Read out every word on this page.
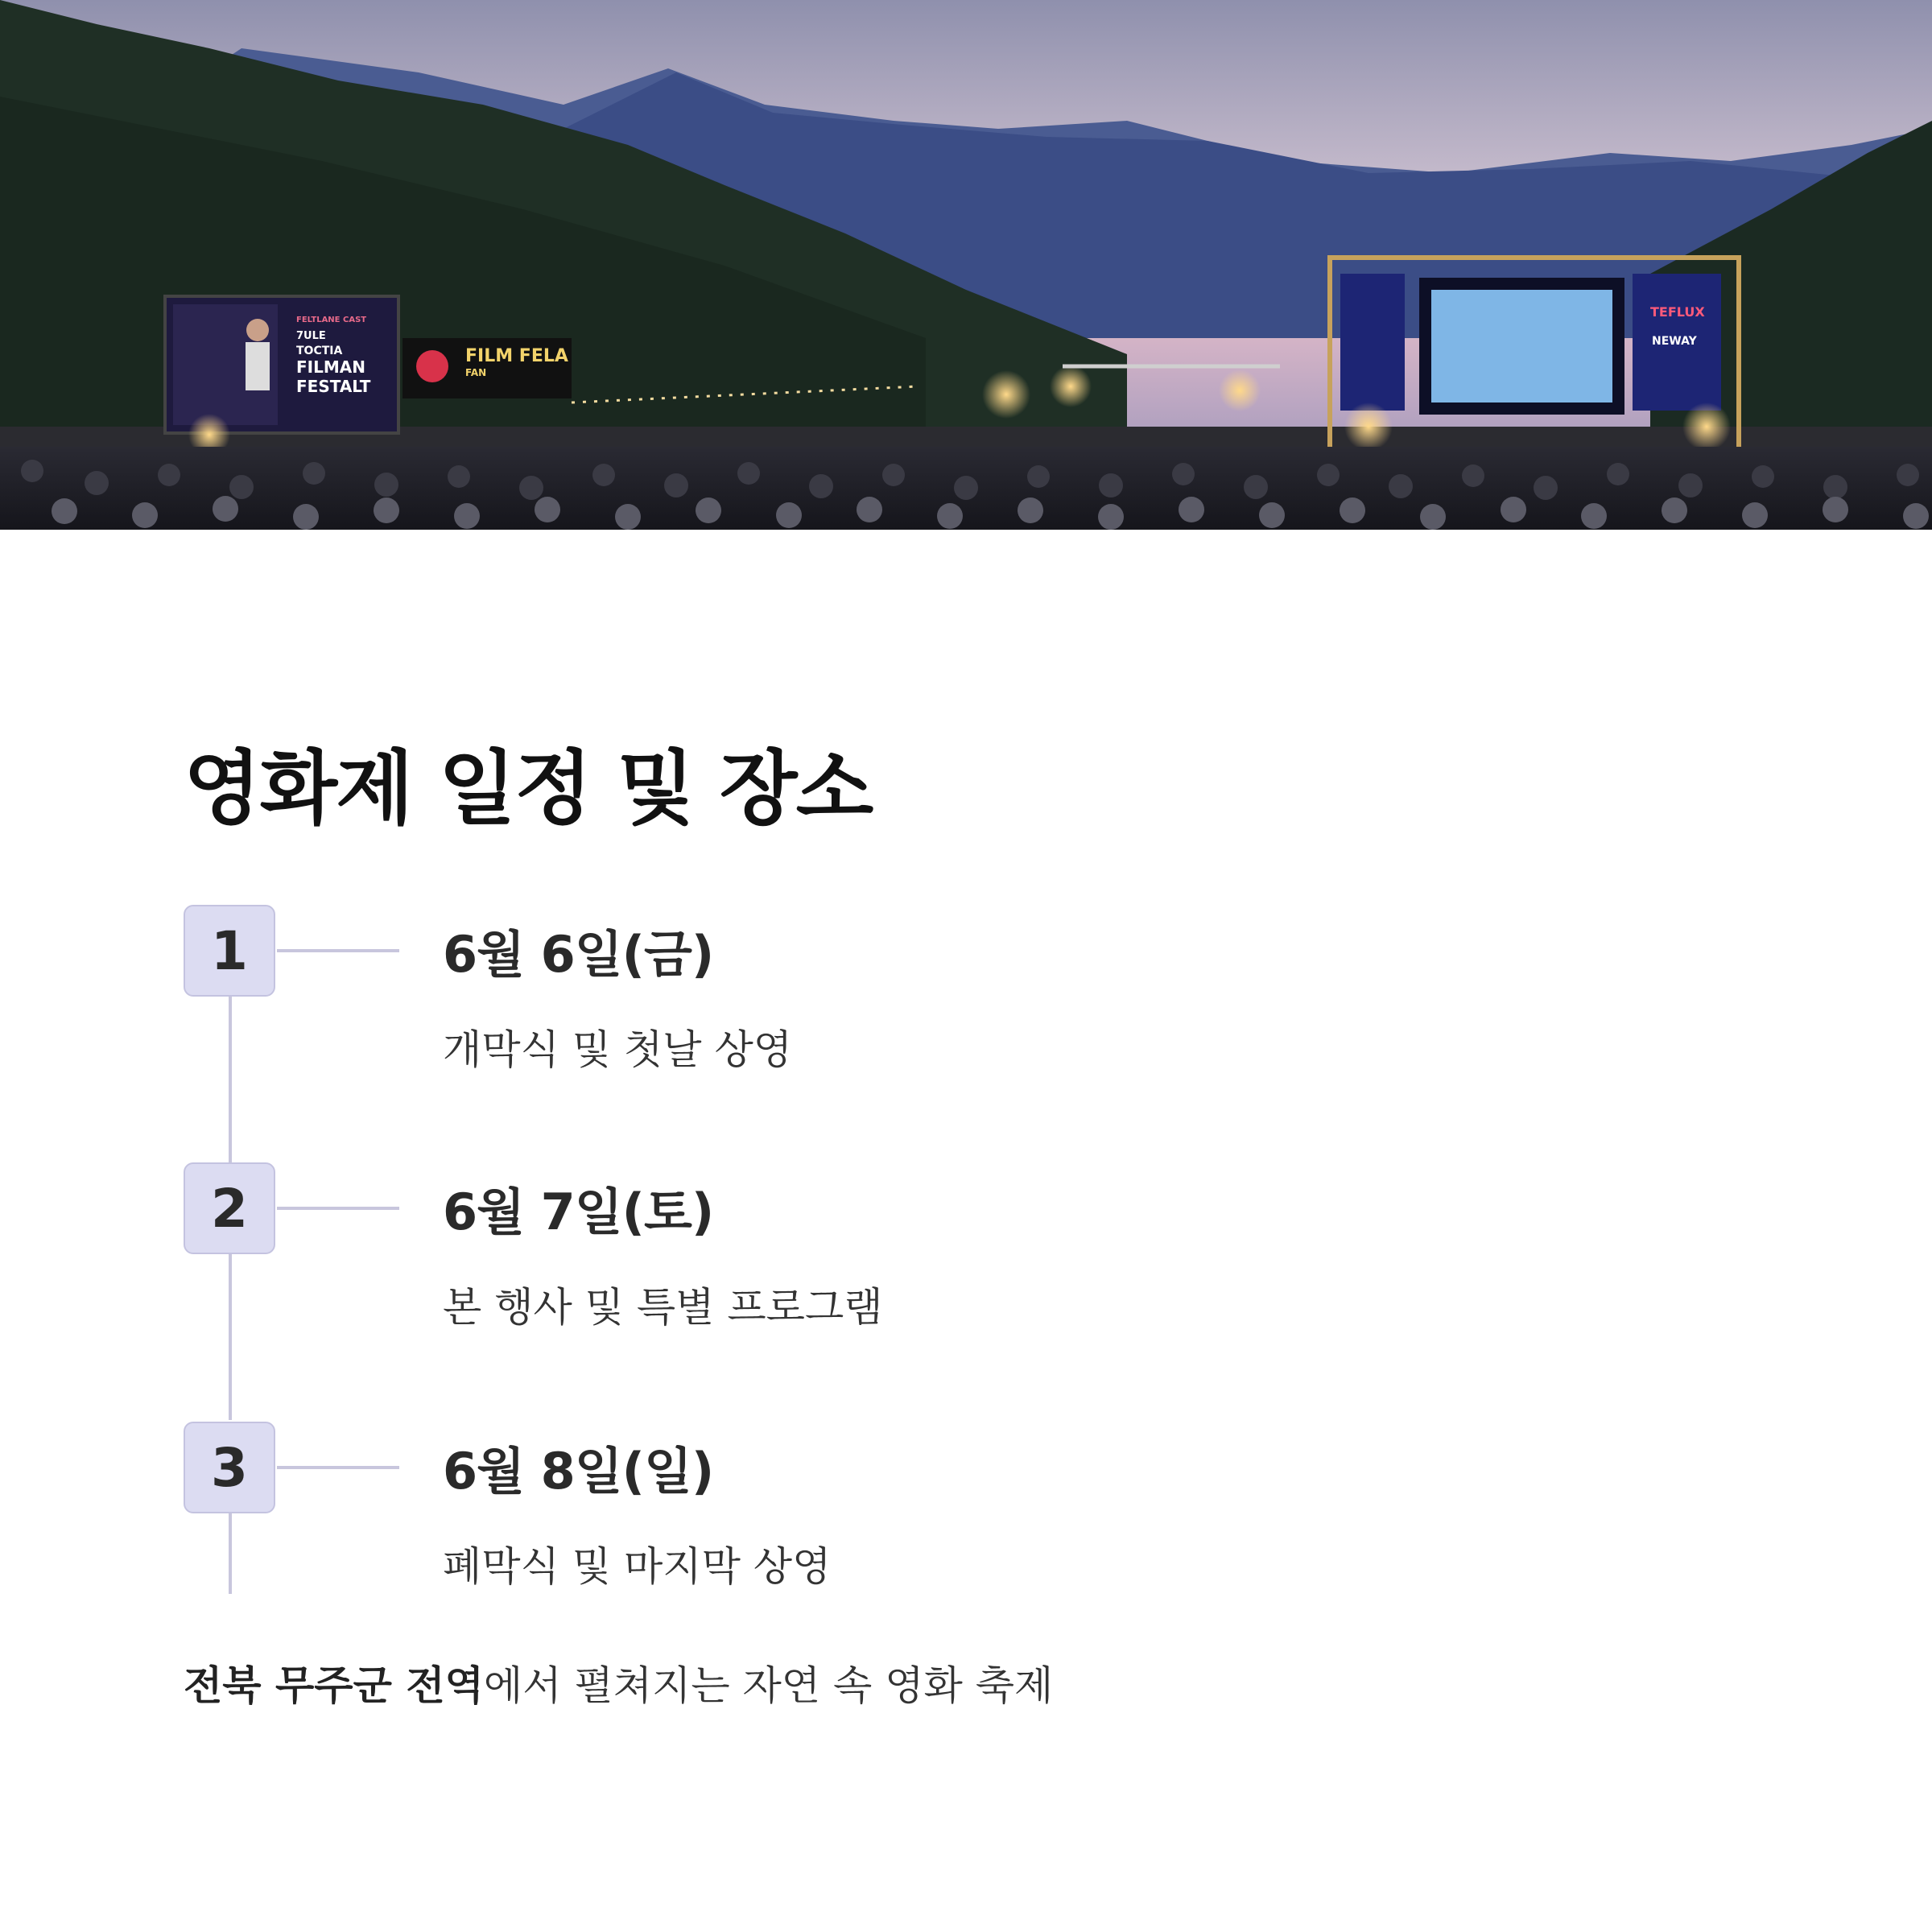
FELTLANE CAST
7ULE
TOCTIA
FILMAN
FESTALT
FILM FELA
FAN
TEFLUX
NEWAY
영화제 일정 및 장소
1	6월 6일(금)
개막식 및 첫날 상영
2	6월 7일(토)
본 행사 및 특별 프로그램
3	6월 8일(일)
폐막식 및 마지막 상영
전북 무주군 전역에서 펼쳐지는 자연 속 영화 축제
